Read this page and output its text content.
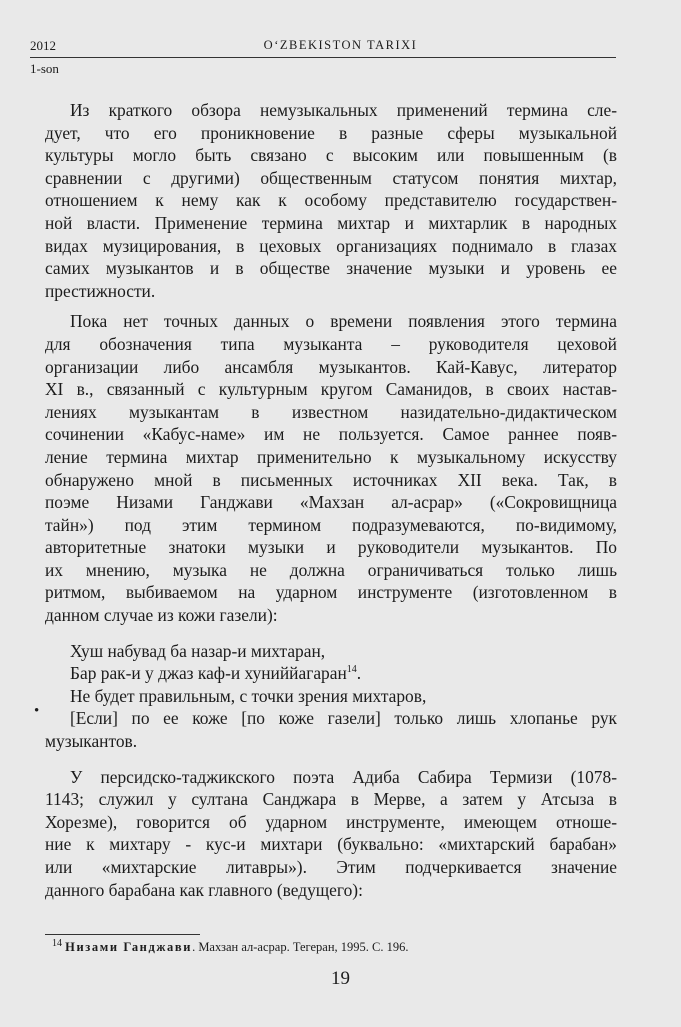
2012	O‘ZBEKISTON TARIXI
1-son
Из краткого обзора немузыкальных применений термина сле-
дует, что его проникновение в разные сферы музыкальной
культуры могло быть связано с высоким или повышенным (в
сравнении с другими) общественным статусом понятия михтар,
отношением к нему как к особому представителю государствен-
ной власти. Применение термина михтар и михтарлик в народных
видах музицирования, в цеховых организациях поднимало в глазах
самих музыкантов и в обществе значение музыки и уровень ее
престижности.
Пока нет точных данных о времени появления этого термина
для обозначения типа музыканта – руководителя цеховой
организации либо ансамбля музыкантов. Кай-Кавус, литератор
XI в., связанный с культурным кругом Саманидов, в своих настав-
лениях музыкантам в известном назидательно-дидактическом
сочинении «Кабус-наме» им не пользуется. Самое раннее появ-
ление термина михтар применительно к музыкальному искусству
обнаружено мной в письменных источниках XII века. Так, в
поэме Низами Ганджави «Махзан ал-асрар» («Сокровищница
тайн») под этим термином подразумеваются, по-видимому,
авторитетные знатоки музыки и руководители музыкантов. По
их мнению, музыка не должна ограничиваться только лишь
ритмом, выбиваемом на ударном инструменте (изготовленном в
данном случае из кожи газели):
Хуш набувад ба назар-и михтаран,
Бар рак-и у джаз каф-и хуниййагаран$^{14}$.
Не будет правильным, с точки зрения михтаров,
[Если] по ее коже [по коже газели] только лишь хлопанье рук
музыкантов.
У персидско-таджикского поэта Адиба Сабира Термизи (1078-
1143; служил у султана Санджара в Мерве, а затем у Атсыза в
Хорезме), говорится об ударном инструменте, имеющем отноше-
ние к михтару - кус-и михтари (буквально: «михтарский барабан»
или «михтарские литавры»). Этим подчеркивается значение
данного барабана как главного (ведущего):
•
$^{14}$ Низами Ганджави. Махзан ал-асрар. Тегеран, 1995. С. 196.
19
